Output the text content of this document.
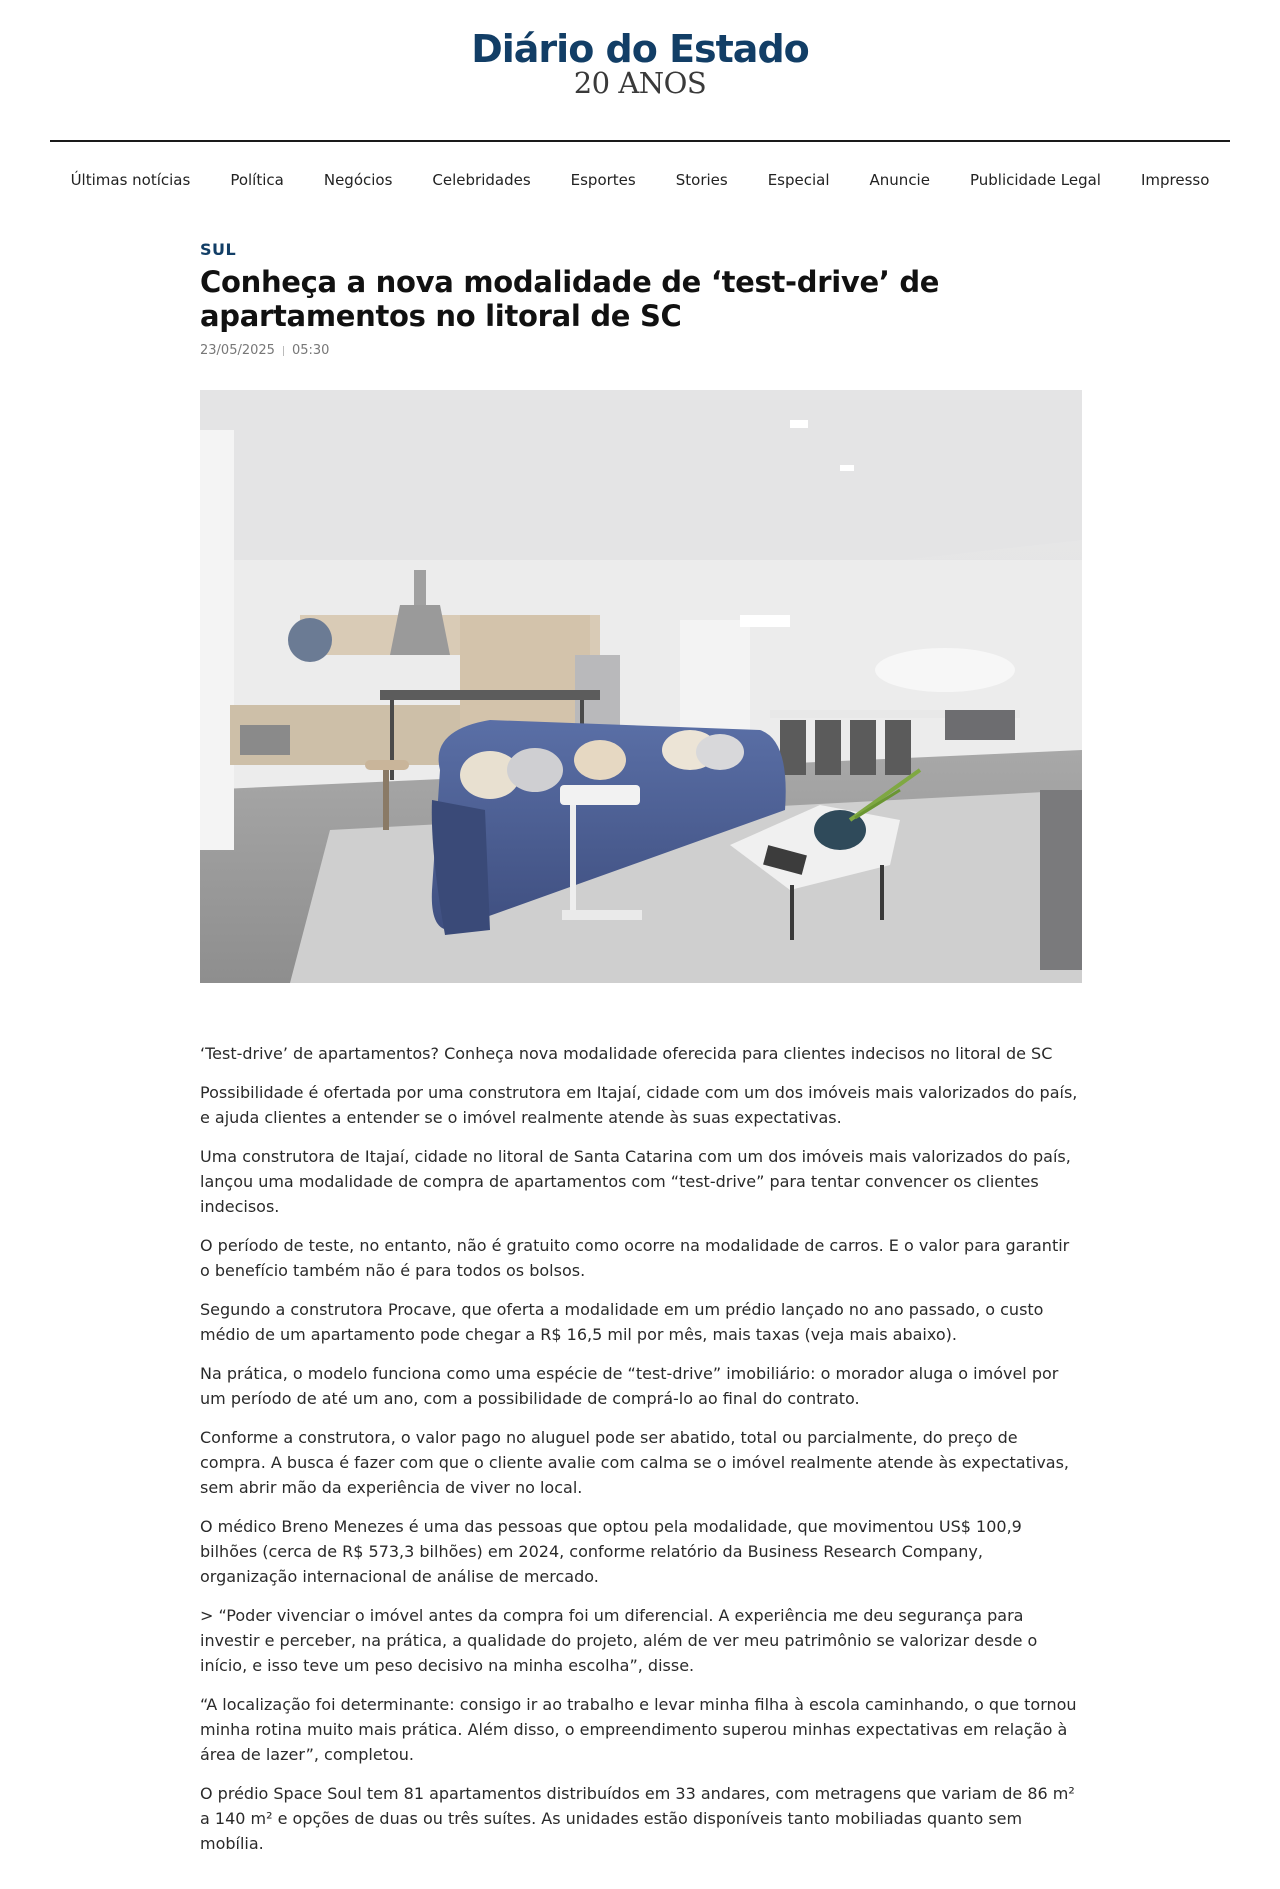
Diário do Estado
20 ANOS
Últimas notícias	Política	Negócios	Celebridades	Esportes	Stories	Especial	Anuncie	Publicidade Legal	Impresso
SUL
Conheça a nova modalidade de ‘test-drive’ de apartamentos no litoral de SC
23/05/2025 05:30

‘Test-drive’ de apartamentos? Conheça nova modalidade oferecida para clientes indecisos no litoral de SC

Possibilidade é ofertada por uma construtora em Itajaí, cidade com um dos imóveis mais valorizados do país, e ajuda clientes a entender se o imóvel realmente atende às suas expectativas.

Uma construtora de Itajaí, cidade no litoral de Santa Catarina com um dos imóveis mais valorizados do país, lançou uma modalidade de compra de apartamentos com “test-drive” para tentar convencer os clientes indecisos.

O período de teste, no entanto, não é gratuito como ocorre na modalidade de carros. E o valor para garantir o benefício também não é para todos os bolsos.

Segundo a construtora Procave, que oferta a modalidade em um prédio lançado no ano passado, o custo médio de um apartamento pode chegar a R$ 16,5 mil por mês, mais taxas (veja mais abaixo).

Na prática, o modelo funciona como uma espécie de “test-drive” imobiliário: o morador aluga o imóvel por um período de até um ano, com a possibilidade de comprá-lo ao final do contrato.

Conforme a construtora, o valor pago no aluguel pode ser abatido, total ou parcialmente, do preço de compra. A busca é fazer com que o cliente avalie com calma se o imóvel realmente atende às expectativas, sem abrir mão da experiência de viver no local.

O médico Breno Menezes é uma das pessoas que optou pela modalidade, que movimentou US$ 100,9 bilhões (cerca de R$ 573,3 bilhões) em 2024, conforme relatório da Business Research Company, organização internacional de análise de mercado.

> “Poder vivenciar o imóvel antes da compra foi um diferencial. A experiência me deu segurança para investir e perceber, na prática, a qualidade do projeto, além de ver meu patrimônio se valorizar desde o início, e isso teve um peso decisivo na minha escolha”, disse.

“A localização foi determinante: consigo ir ao trabalho e levar minha filha à escola caminhando, o que tornou minha rotina muito mais prática. Além disso, o empreendimento superou minhas expectativas em relação à área de lazer”, completou.

O prédio Space Soul tem 81 apartamentos distribuídos em 33 andares, com metragens que variam de 86 m² a 140 m² e opções de duas ou três suítes. As unidades estão disponíveis tanto mobiliadas quanto sem mobília.
